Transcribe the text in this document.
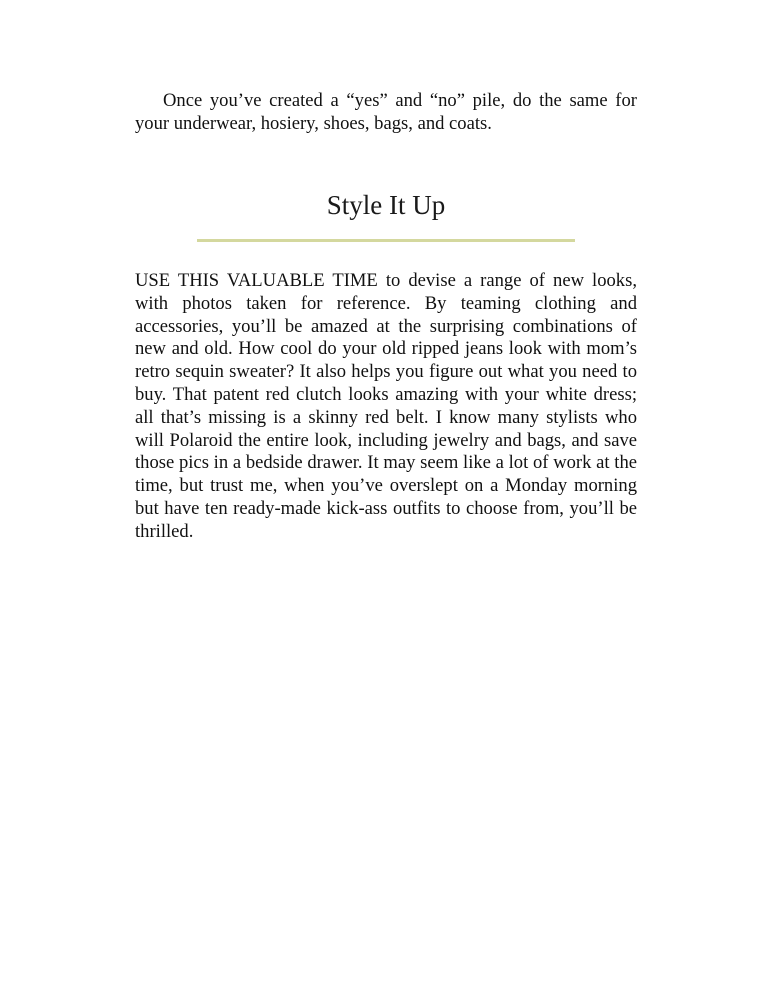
Once you’ve created a “yes” and “no” pile, do the same for your underwear, hosiery, shoes, bags, and coats.

Style It Up

USE THIS VALUABLE TIME to devise a range of new looks, with photos taken for reference. By teaming clothing and accessories, you’ll be amazed at the surprising combinations of new and old. How cool do your old ripped jeans look with mom’s retro sequin sweater? It also helps you figure out what you need to buy. That patent red clutch looks amazing with your white dress; all that’s missing is a skinny red belt. I know many stylists who will Polaroid the entire look, including jewelry and bags, and save those pics in a bedside drawer. It may seem like a lot of work at the time, but trust me, when you’ve overslept on a Monday morning but have ten ready-made kick-ass outfits to choose from, you’ll be thrilled.
